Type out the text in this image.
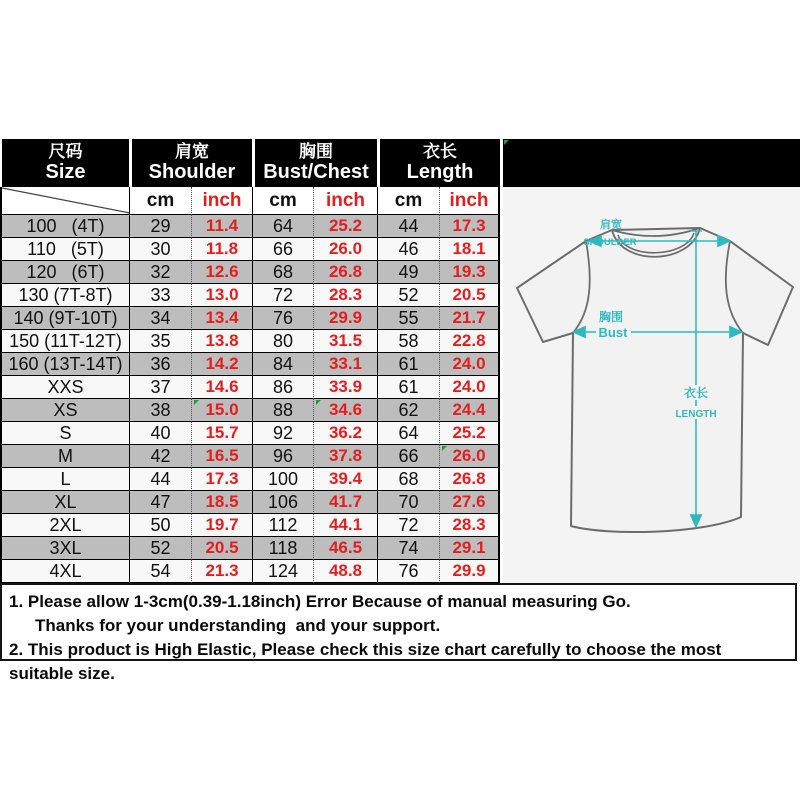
尺码
Size
肩宽
Shoulder
胸围
Bust/Chest
衣长
Length
cm	inch	cm	inch	cm	inch
100   (4T)	29	11.4	64	25.2	44	17.3
110   (5T)	30	11.8	66	26.0	46	18.1
120   (6T)	32	12.6	68	26.8	49	19.3
130 (7T-8T)	33	13.0	72	28.3	52	20.5
140 (9T-10T)	34	13.4	76	29.9	55	21.7
150 (11T-12T)	35	13.8	80	31.5	58	22.8
160 (13T-14T)	36	14.2	84	33.1	61	24.0
XXS	37	14.6	86	33.9	61	24.0
XS	38	15.0	88	34.6	62	24.4
S	40	15.7	92	36.2	64	25.2
M	42	16.5	96	37.8	66	26.0
L	44	17.3	100	39.4	68	26.8
XL	47	18.5	106	41.7	70	27.6
2XL	50	19.7	112	44.1	72	28.3
3XL	52	20.5	118	46.5	74	29.1
4XL	54	21.3	124	48.8	76	29.9
衣长
LENGTH
肩宽
SHOULDER
胸围
Bust
1. Please allow 1-3cm(0.39-1.18inch) Error Because of manual measuring Go.
Thanks for your understanding  and your support.
2. This product is High Elastic, Please check this size chart carefully to choose the most suitable size.
